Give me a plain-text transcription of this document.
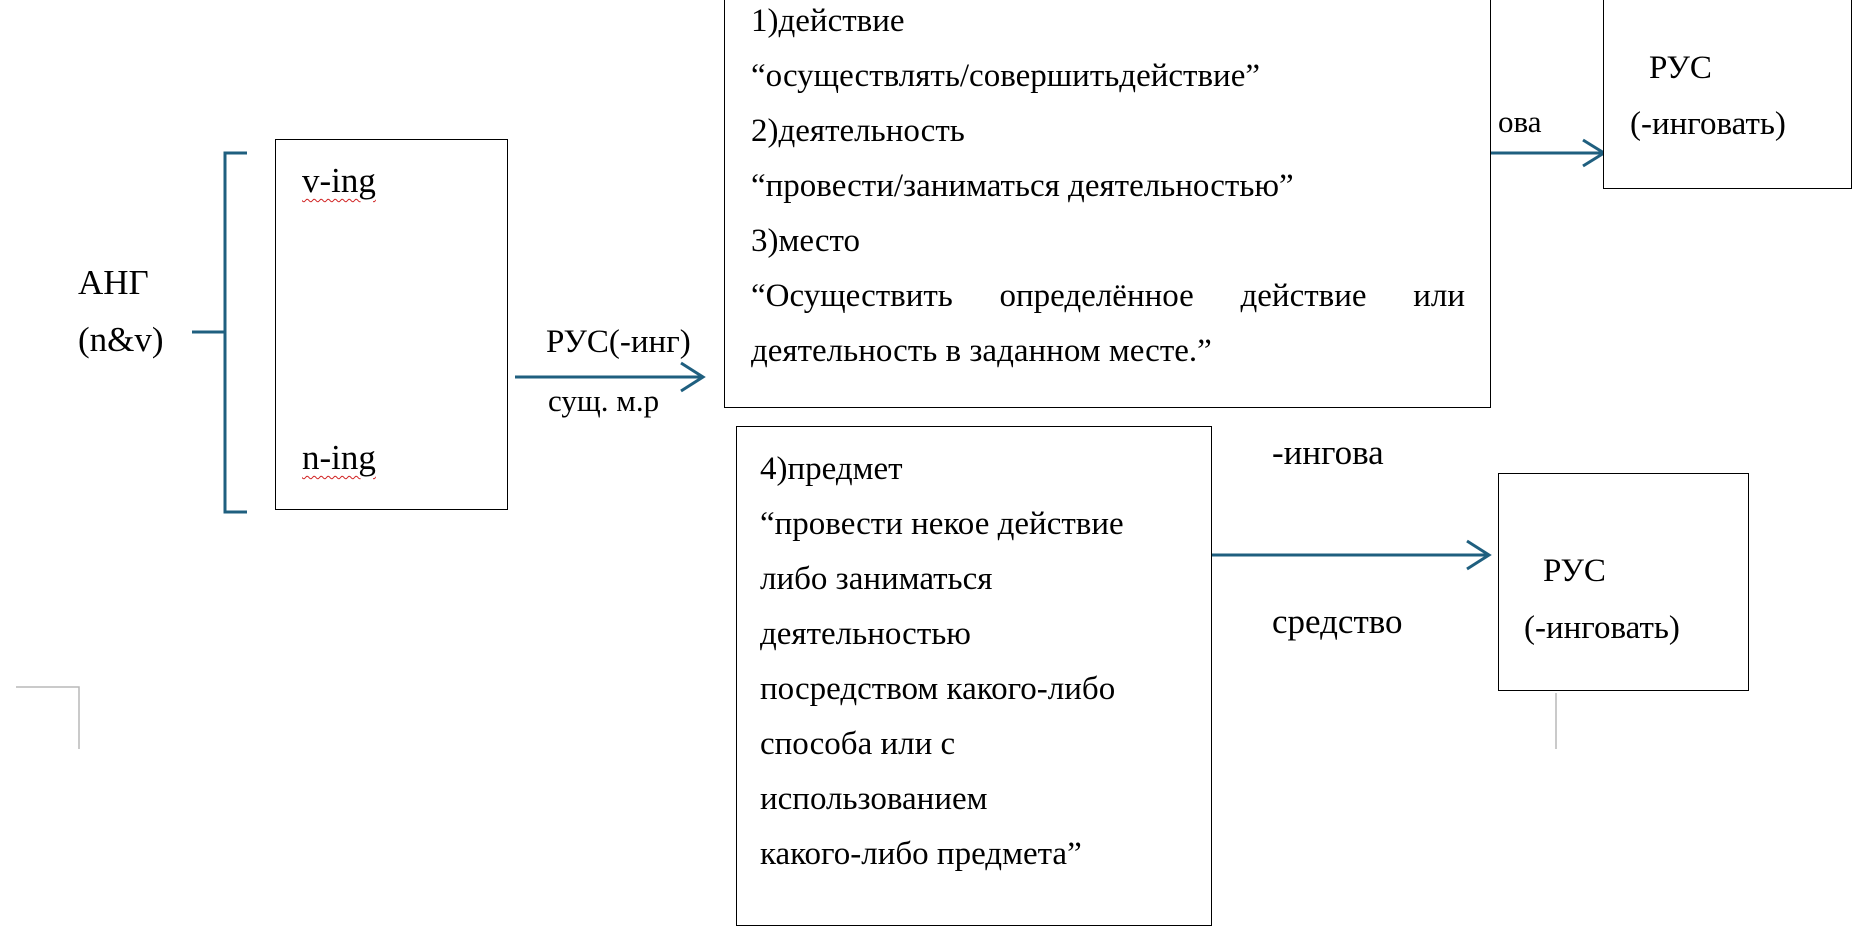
АНГ
(n&v)
v-ing
n-ing
РУС(-инг)
сущ. м.р
1)действие
“осуществлять/совершитьдействие”
2)деятельность
“провести/заниматься деятельностью”
3)место
“Осуществить определённое действие или
деятельность в заданном месте.”
4)предмет
“провести некое действие
либо заниматься
деятельностью
посредством какого-либо
способа или с
использованием
какого-либо предмета”
ова
РУС
(-инговать)
-ингова
средство
РУС
(-инговать)
